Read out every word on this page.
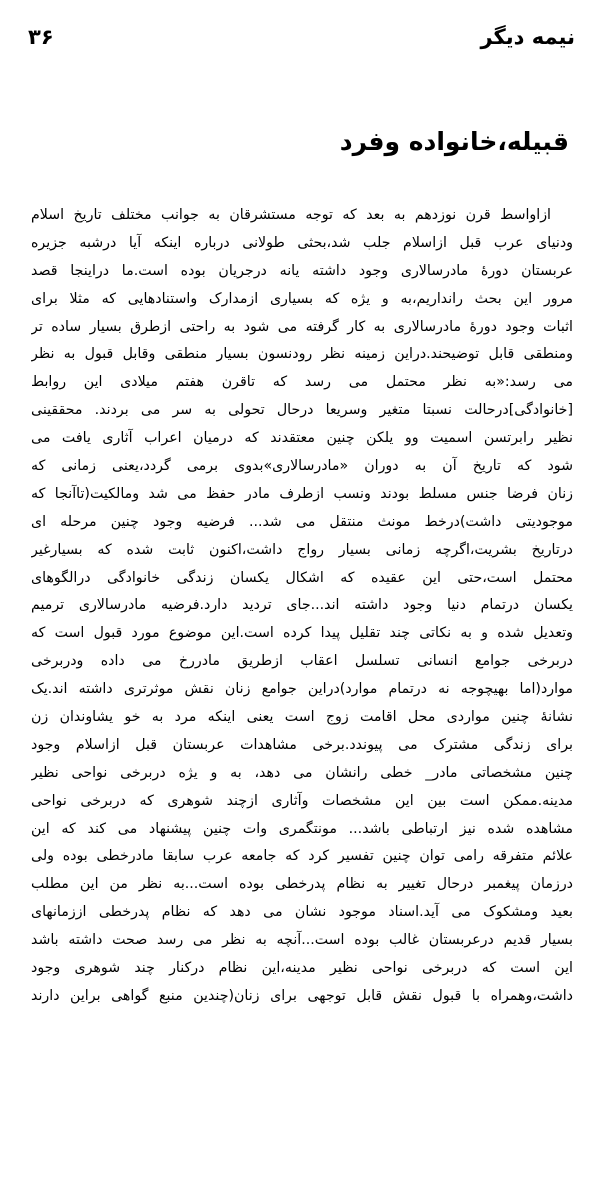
نیمه دیگر
۳۶
قبیله،خانواده وفرد
ازاواسط قرن نوزدهم به بعد که توجه مستشرقان به جوانب مختلف تاریخ اسلام
ودنیای عرب قبل ازاسلام جلب شد،بحثی طولانی درباره اینکه آیا درشبه جزیره
عربستان دورۀ مادرسالاری وجود داشته یانه درجریان بوده است.ما دراینجا قصد
مرور این بحث رانداریم،به و یژه که بسیاری ازمدارک واستنادهایی که مثلا برای
اثبات وجود دورۀ مادرسالاری به کار گرفته می شود به راحتی ازطرق بسیار ساده تر
ومنطقی قابل توضیحند.دراین زمینه نظر رودنسون بسیار منطقی وقابل قبول به نظر
می رسد:«به نظر محتمل می رسد که تاقرن هفتم میلادی این روابط
[خانوادگی]درحالت نسبتا متغیر وسریعا درحال تحولی به سر می بردند. محققینی
نظیر رابرتسن اسمیت وو یلکن چنین معتقدند که درمیان اعراب آثاری یافت می
شود که تاریخ آن به دوران «مادرسالاری»بدوی برمی گردد،یعنی زمانی که
زنان فرضا جنس مسلط بودند ونسب ازطرف مادر حفظ می شد ومالکیت(تاآنجا که
موجودیتی داشت)درخط مونث منتقل می شد... فرضیه وجود چنین مرحله ای
درتاریخ بشریت،اگرچه زمانی بسیار رواج داشت،اکنون ثابت شده که بسیارغیر
محتمل است،حتی این عقیده که اشکال یکسان زندگی خانوادگی درالگوهای
یکسان درتمام دنیا وجود داشته اند...جای تردید دارد.فرضیه مادرسالاری ترمیم
وتعدیل شده و به نکاتی چند تقلیل پیدا کرده است.این موضوع مورد قبول است که
دربرخی جوامع انسانی تسلسل اعقاب ازطریق مادررخ می داده ودربرخی
موارد(اما بهیچوجه نه درتمام موارد)دراین جوامع زنان نقش موثرتری داشته اند.یک
نشانۀ چنین مواردی محل اقامت زوج است یعنی اینکه مرد به خو یشاوندان زن
برای زندگی مشترک می پیوندد.برخی مشاهدات عربستان قبل ازاسلام وجود
چنین مشخصاتی مادر_ خطی رانشان می دهد، به و یژه دربرخی نواحی نظیر
مدینه.ممکن است بین این مشخصات وآثاری ازچند شوهری که دربرخی نواحی
مشاهده شده نیز ارتباطی باشد... مونتگمری وات چنین پیشنهاد می کند که این
علائم متفرقه رامی توان چنین تفسیر کرد که جامعه عرب سابقا مادرخطی بوده ولی
درزمان پیغمبر درحال تغییر به نظام پدرخطی بوده است...به نظر من این مطلب
بعید ومشکوک می آید.اسناد موجود نشان می دهد که نظام پدرخطی اززمانهای
بسیار قدیم درعربستان غالب بوده است...آنچه به نظر می رسد صحت داشته باشد
این است که دربرخی نواحی نظیر مدینه،این نظام درکنار چند شوهری وجود
داشت،وهمراه با قبول نقش قابل توجهی برای زنان(چندین منبع گواهی براین دارند
